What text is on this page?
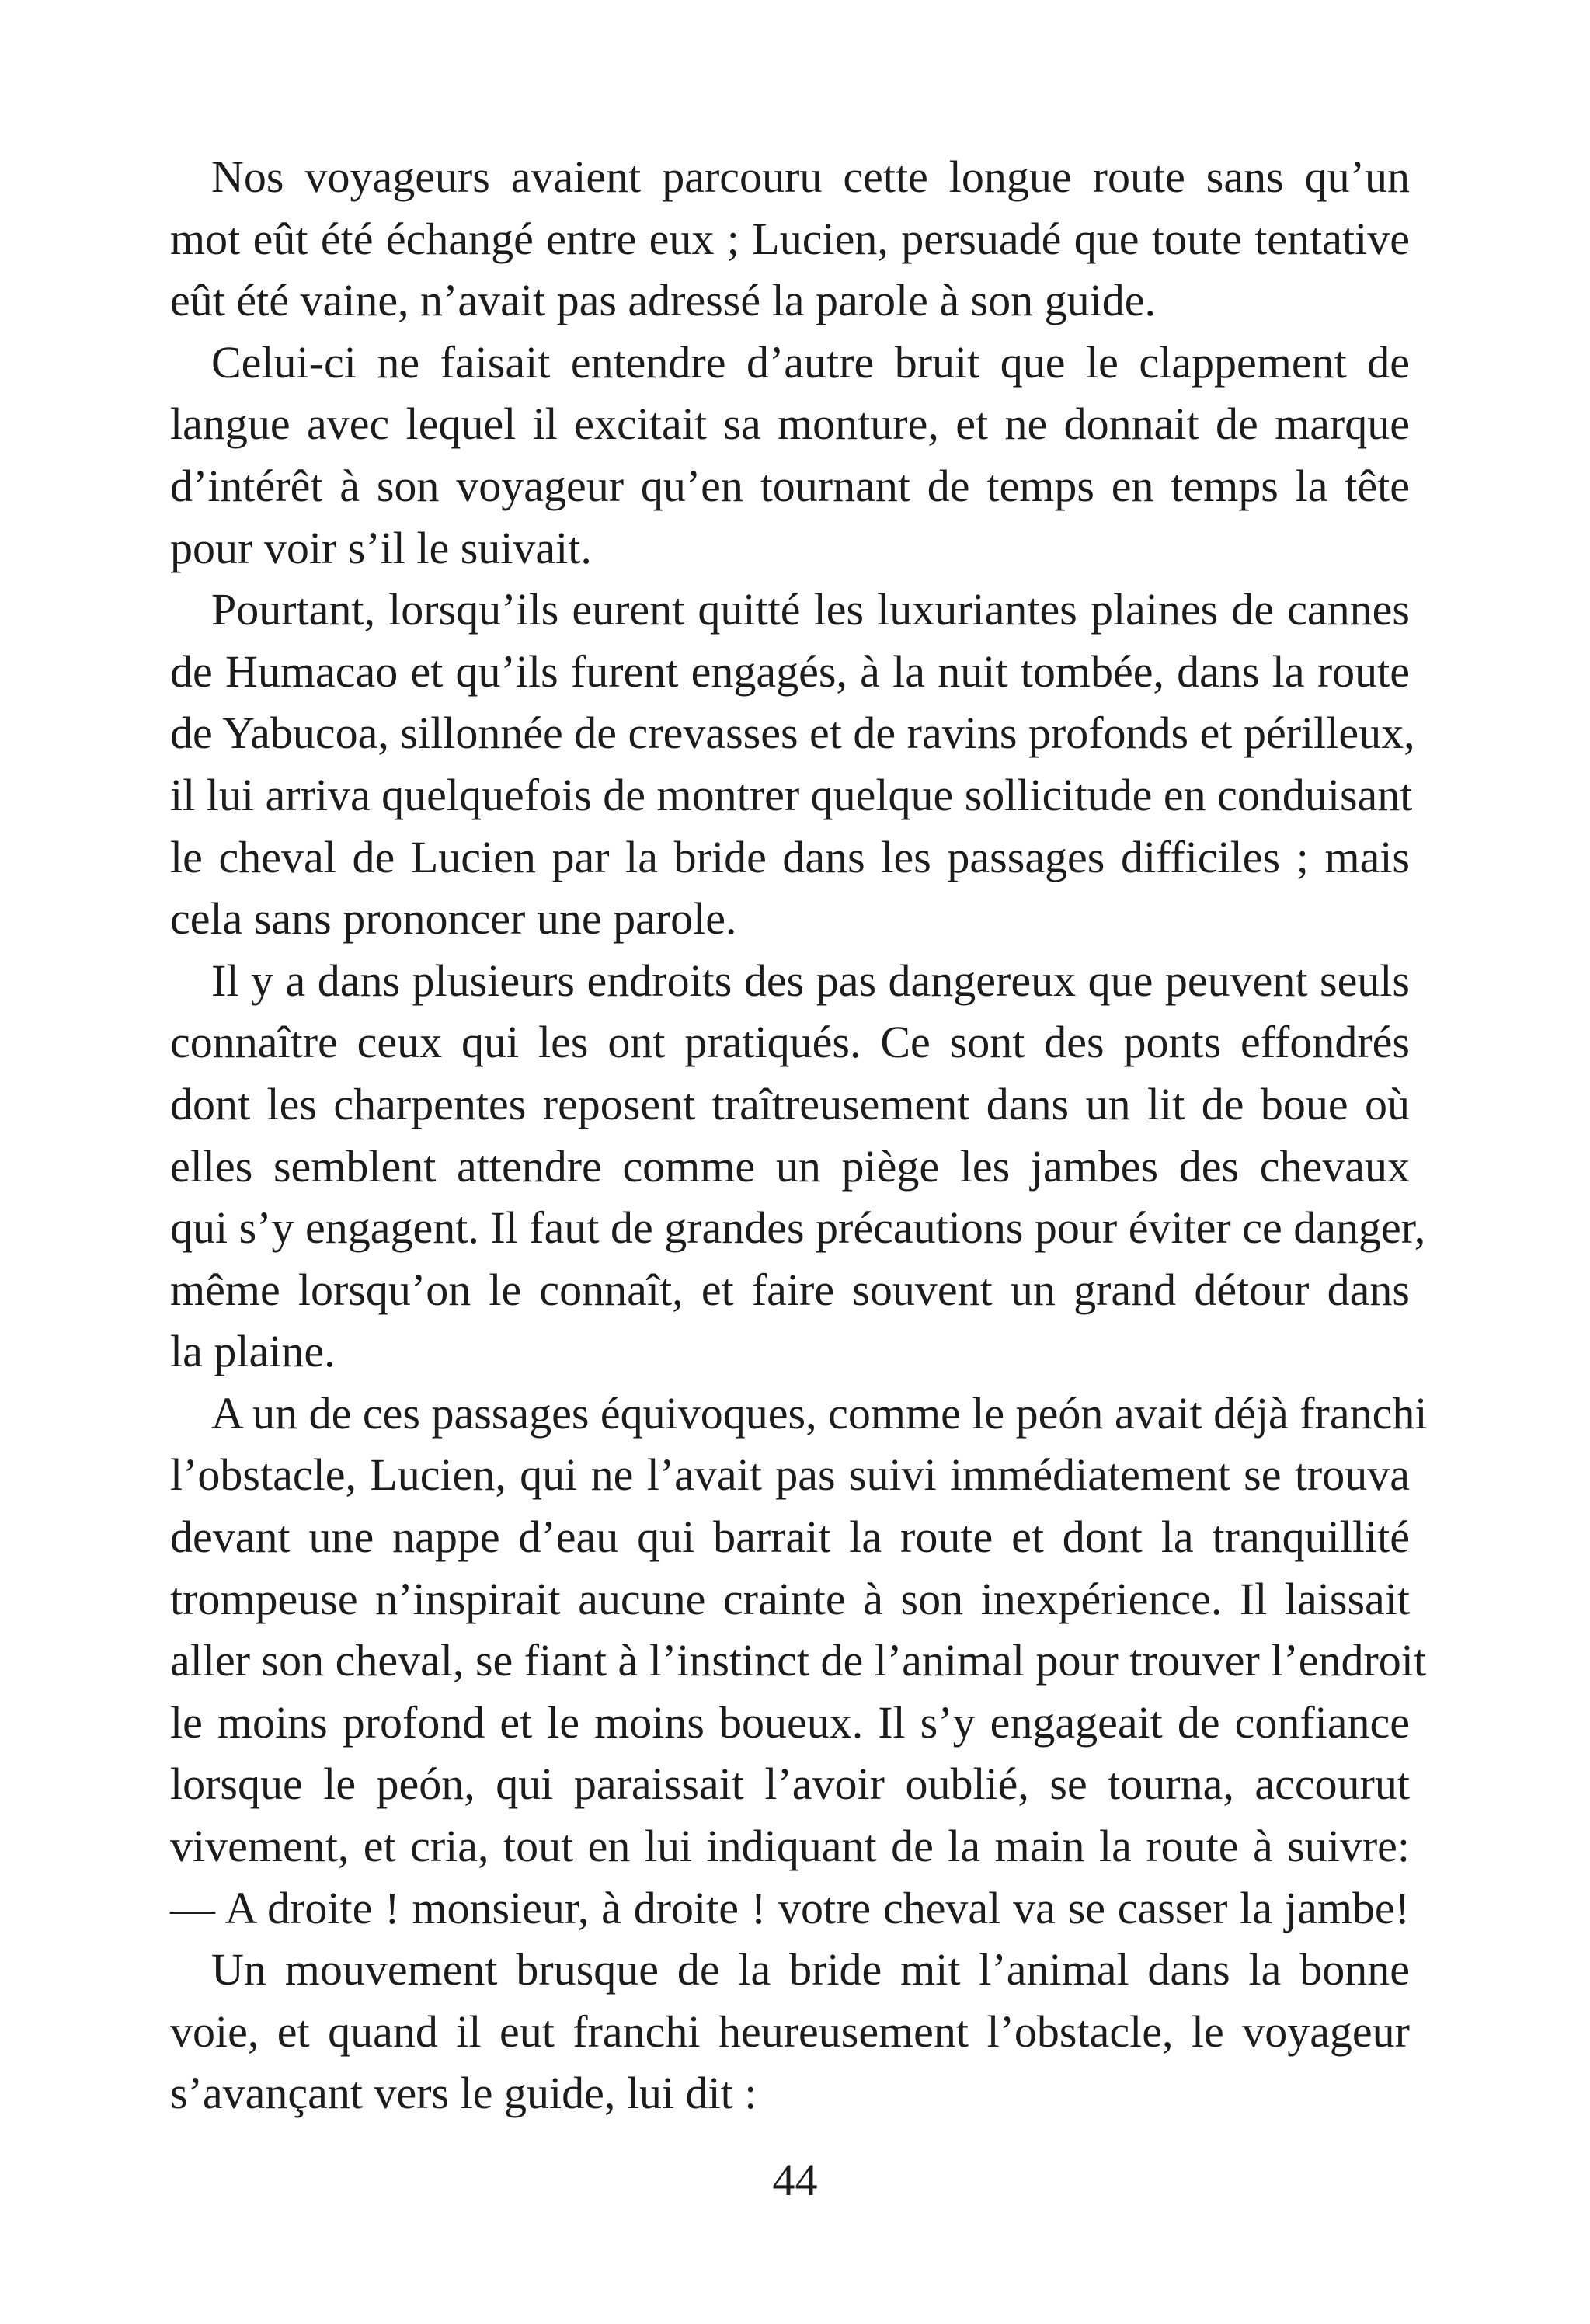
Nos voyageurs avaient parcouru cette longue route sans qu’un
mot eût été échangé entre eux ; Lucien, persuadé que toute tentative
eût été vaine, n’avait pas adressé la parole à son guide.
Celui-ci ne faisait entendre d’autre bruit que le clappement de
langue avec lequel il excitait sa monture, et ne donnait de marque
d’intérêt à son voyageur qu’en tournant de temps en temps la tête
pour voir s’il le suivait.
Pourtant, lorsqu’ils eurent quitté les luxuriantes plaines de cannes
de Humacao et qu’ils furent engagés, à la nuit tombée, dans la route
de Yabucoa, sillonnée de crevasses et de ravins profonds et périlleux,
il lui arriva quelquefois de montrer quelque sollicitude en conduisant
le cheval de Lucien par la bride dans les passages difficiles ; mais
cela sans prononcer une parole.
Il y a dans plusieurs endroits des pas dangereux que peuvent seuls
connaître ceux qui les ont pratiqués. Ce sont des ponts effondrés
dont les charpentes reposent traîtreusement dans un lit de boue où
elles semblent attendre comme un piège les jambes des chevaux
qui s’y engagent. Il faut de grandes précautions pour éviter ce danger,
même lorsqu’on le connaît, et faire souvent un grand détour dans
la plaine.
A un de ces passages équivoques, comme le peón avait déjà franchi
l’obstacle, Lucien, qui ne l’avait pas suivi immédiatement se trouva
devant une nappe d’eau qui barrait la route et dont la tranquillité
trompeuse n’inspirait aucune crainte à son inexpérience. Il laissait
aller son cheval, se fiant à l’instinct de l’animal pour trouver l’endroit
le moins profond et le moins boueux. Il s’y engageait de confiance
lorsque le peón, qui paraissait l’avoir oublié, se tourna, accourut
vivement, et cria, tout en lui indiquant de la main la route à suivre:
— A droite ! monsieur, à droite ! votre cheval va se casser la jambe!
Un mouvement brusque de la bride mit l’animal dans la bonne
voie, et quand il eut franchi heureusement l’obstacle, le voyageur
s’avançant vers le guide, lui dit :
44
